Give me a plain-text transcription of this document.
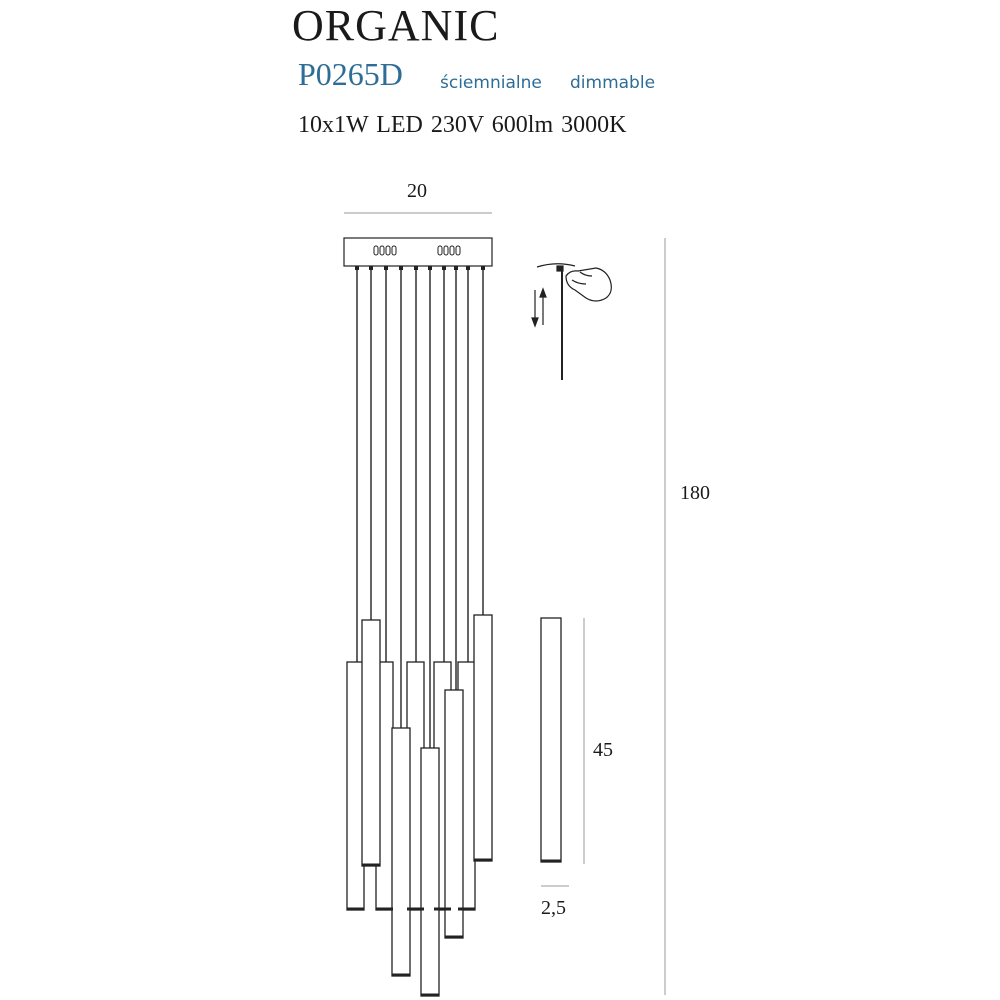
ORGANIC
P0265D ściemnialne dimmable
10x1W LED 230V 600lm 3000K
20
180
45
2,5
